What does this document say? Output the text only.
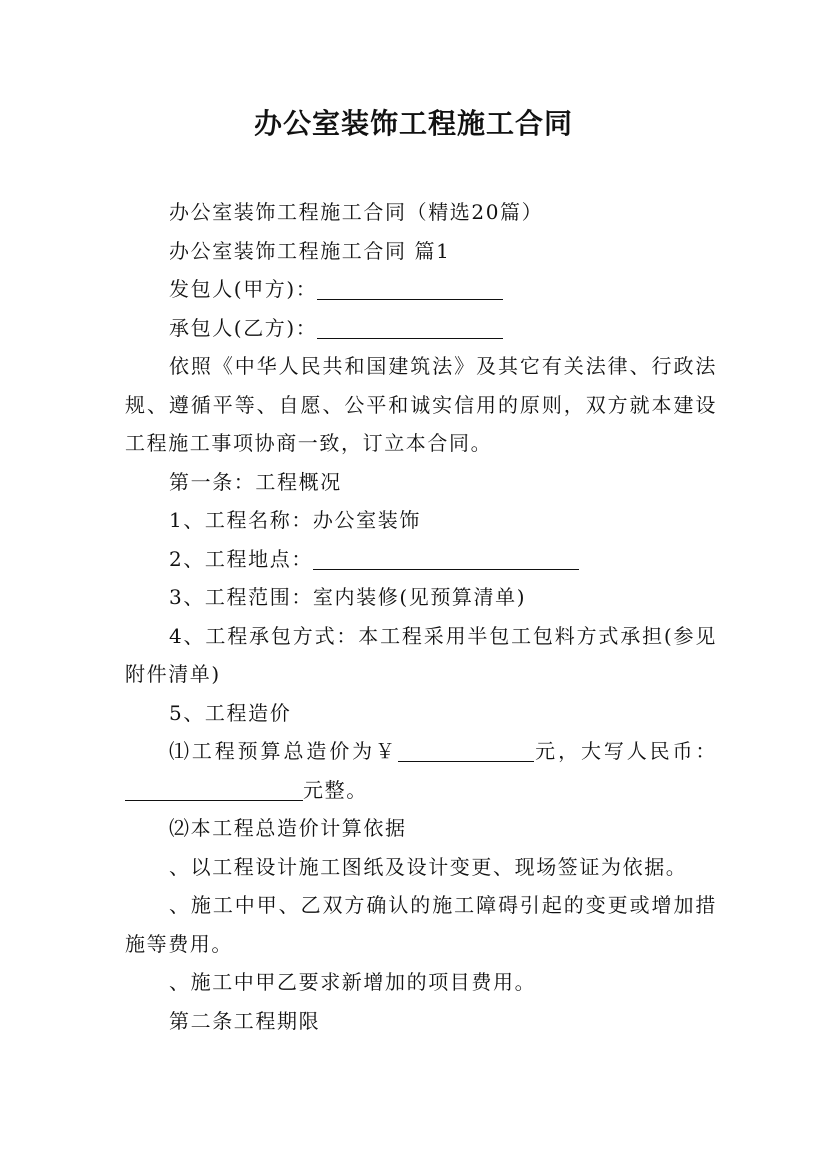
办公室装饰工程施工合同

办公室装饰工程施工合同（精选20篇）

办公室装饰工程施工合同 篇1

发包人(甲方)：

承包人(乙方)：

依照《中华人民共和国建筑法》及其它有关法律、行政法规、遵循平等、自愿、公平和诚实信用的原则，双方就本建设工程施工事项协商一致，订立本合同。

第一条：工程概况

1、工程名称：办公室装饰

2、工程地点：

3、工程范围：室内装修(见预算清单)

4、工程承包方式：本工程采用半包工包料方式承担(参见附件清单)

5、工程造价

⑴工程预算总造价为￥	元，大写人民币：元整。

⑵本工程总造价计算依据

、以工程设计施工图纸及设计变更、现场签证为依据。

、施工中甲、乙双方确认的施工障碍引起的变更或增加措施等费用。

、施工中甲乙要求新增加的项目费用。

第二条工程期限
